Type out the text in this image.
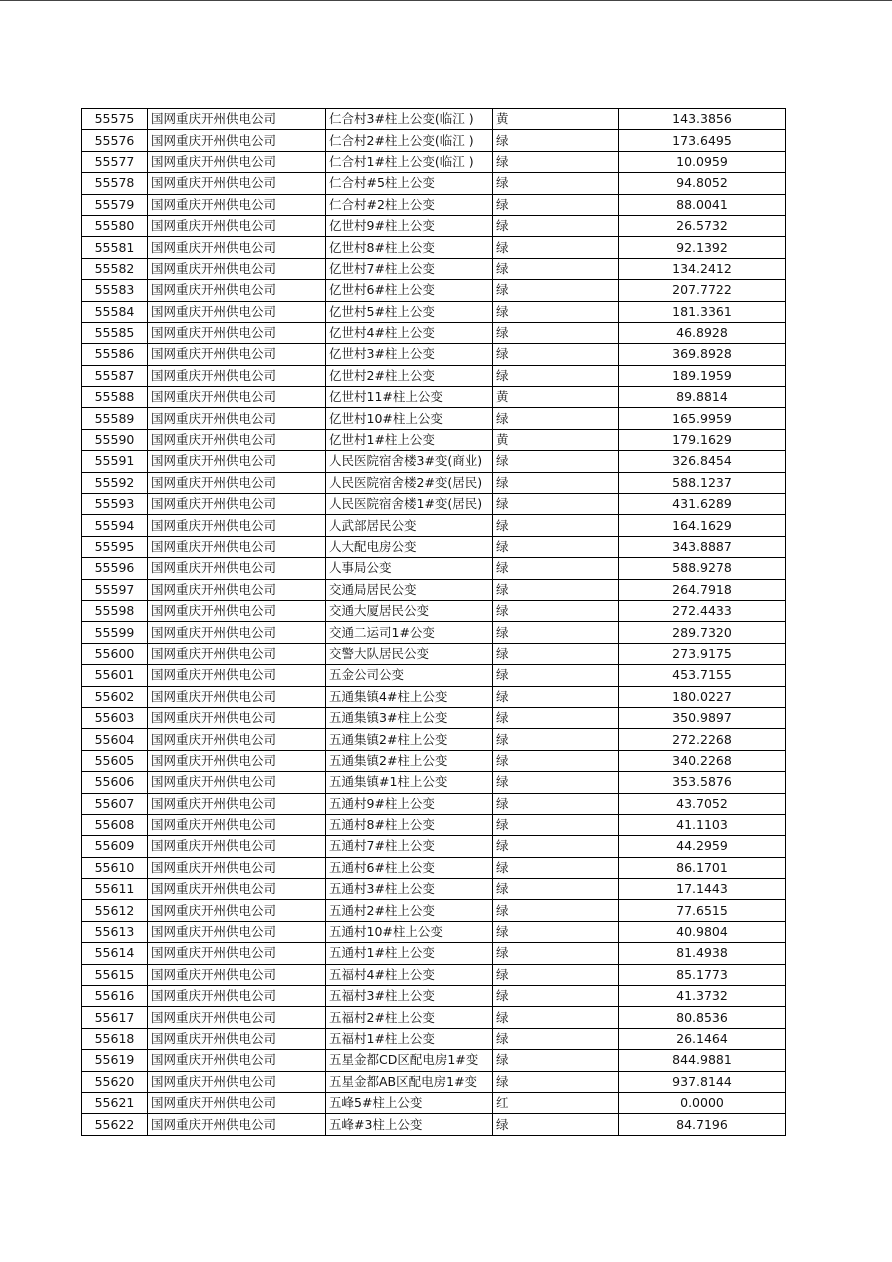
55575	国网重庆开州供电公司	仁合村3#柱上公变(临江 )	黄	143.3856
55576	国网重庆开州供电公司	仁合村2#柱上公变(临江 )	绿	173.6495
55577	国网重庆开州供电公司	仁合村1#柱上公变(临江 )	绿	10.0959
55578	国网重庆开州供电公司	仁合村#5柱上公变	绿	94.8052
55579	国网重庆开州供电公司	仁合村#2柱上公变	绿	88.0041
55580	国网重庆开州供电公司	亿世村9#柱上公变	绿	26.5732
55581	国网重庆开州供电公司	亿世村8#柱上公变	绿	92.1392
55582	国网重庆开州供电公司	亿世村7#柱上公变	绿	134.2412
55583	国网重庆开州供电公司	亿世村6#柱上公变	绿	207.7722
55584	国网重庆开州供电公司	亿世村5#柱上公变	绿	181.3361
55585	国网重庆开州供电公司	亿世村4#柱上公变	绿	46.8928
55586	国网重庆开州供电公司	亿世村3#柱上公变	绿	369.8928
55587	国网重庆开州供电公司	亿世村2#柱上公变	绿	189.1959
55588	国网重庆开州供电公司	亿世村11#柱上公变	黄	89.8814
55589	国网重庆开州供电公司	亿世村10#柱上公变	绿	165.9959
55590	国网重庆开州供电公司	亿世村1#柱上公变	黄	179.1629
55591	国网重庆开州供电公司	人民医院宿舍楼3#变(商业)	绿	326.8454
55592	国网重庆开州供电公司	人民医院宿舍楼2#变(居民)	绿	588.1237
55593	国网重庆开州供电公司	人民医院宿舍楼1#变(居民)	绿	431.6289
55594	国网重庆开州供电公司	人武部居民公变	绿	164.1629
55595	国网重庆开州供电公司	人大配电房公变	绿	343.8887
55596	国网重庆开州供电公司	人事局公变	绿	588.9278
55597	国网重庆开州供电公司	交通局居民公变	绿	264.7918
55598	国网重庆开州供电公司	交通大厦居民公变	绿	272.4433
55599	国网重庆开州供电公司	交通二运司1#公变	绿	289.7320
55600	国网重庆开州供电公司	交警大队居民公变	绿	273.9175
55601	国网重庆开州供电公司	五金公司公变	绿	453.7155
55602	国网重庆开州供电公司	五通集镇4#柱上公变	绿	180.0227
55603	国网重庆开州供电公司	五通集镇3#柱上公变	绿	350.9897
55604	国网重庆开州供电公司	五通集镇2#柱上公变	绿	272.2268
55605	国网重庆开州供电公司	五通集镇2#柱上公变	绿	340.2268
55606	国网重庆开州供电公司	五通集镇#1柱上公变	绿	353.5876
55607	国网重庆开州供电公司	五通村9#柱上公变	绿	43.7052
55608	国网重庆开州供电公司	五通村8#柱上公变	绿	41.1103
55609	国网重庆开州供电公司	五通村7#柱上公变	绿	44.2959
55610	国网重庆开州供电公司	五通村6#柱上公变	绿	86.1701
55611	国网重庆开州供电公司	五通村3#柱上公变	绿	17.1443
55612	国网重庆开州供电公司	五通村2#柱上公变	绿	77.6515
55613	国网重庆开州供电公司	五通村10#柱上公变	绿	40.9804
55614	国网重庆开州供电公司	五通村1#柱上公变	绿	81.4938
55615	国网重庆开州供电公司	五福村4#柱上公变	绿	85.1773
55616	国网重庆开州供电公司	五福村3#柱上公变	绿	41.3732
55617	国网重庆开州供电公司	五福村2#柱上公变	绿	80.8536
55618	国网重庆开州供电公司	五福村1#柱上公变	绿	26.1464
55619	国网重庆开州供电公司	五星金都CD区配电房1#变	绿	844.9881
55620	国网重庆开州供电公司	五星金都AB区配电房1#变	绿	937.8144
55621	国网重庆开州供电公司	五峰5#柱上公变	红	0.0000
55622	国网重庆开州供电公司	五峰#3柱上公变	绿	84.7196
